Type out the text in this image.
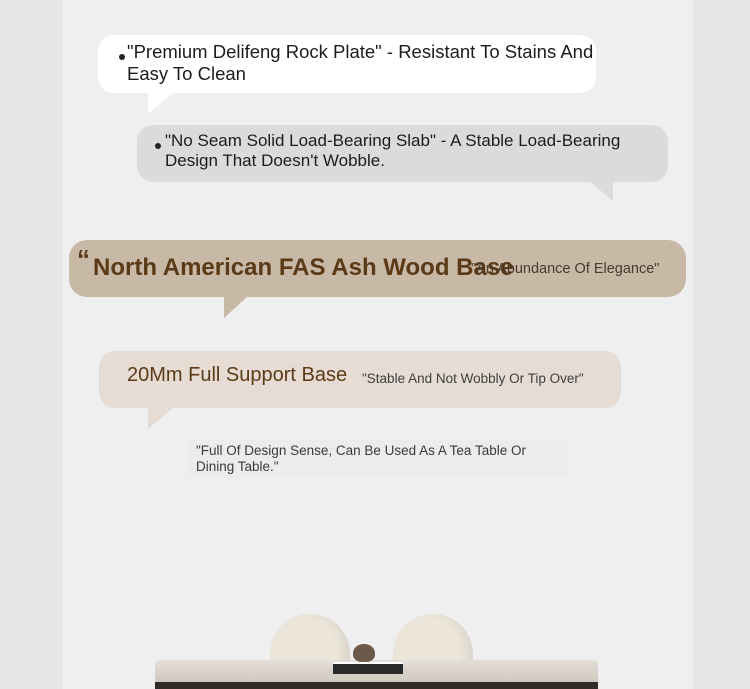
"Premium Delifeng Rock Plate" - Resistant To Stains And Easy To Clean
"No Seam Solid Load-Bearing Slab" - A Stable Load-Bearing Design That Doesn't Wobble.
“ North American FAS Ash Wood Base
"An Abundance Of Elegance"
20Mm Full Support Base "Stable And Not Wobbly Or Tip Over"
"Full Of Design Sense, Can Be Used As A Tea Table Or Dining Table."
